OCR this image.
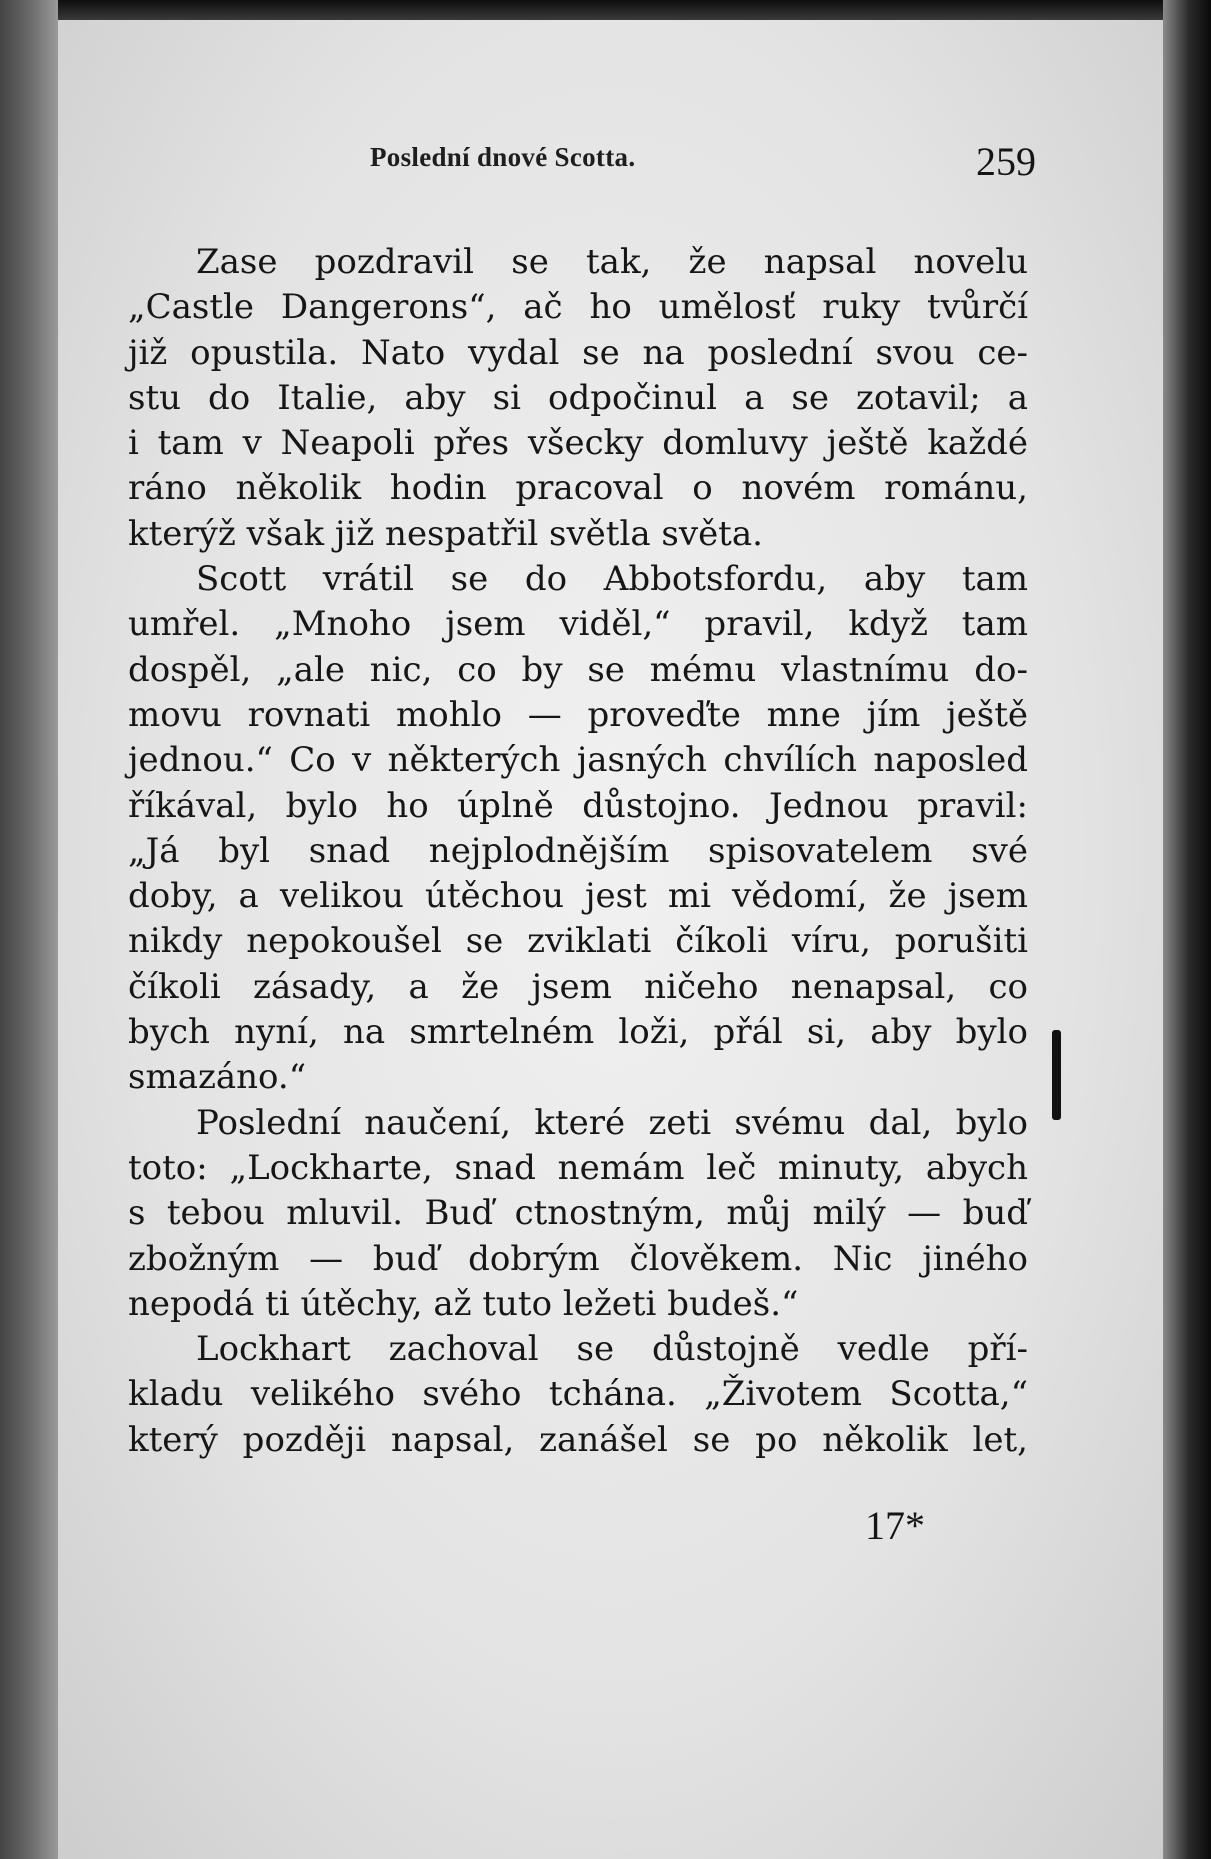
Poslední dnové Scotta.	259
Zase pozdravil se tak, že napsal novelu
„Castle Dangerons“, ač ho umělosť ruky tvůrčí
již opustila. Nato vydal se na poslední svou ce-
stu do Italie, aby si odpočinul a se zotavil; a
i tam v Neapoli přes všecky domluvy ještě každé
ráno několik hodin pracoval o novém románu,
kterýž však již nespatřil světla světa.
Scott vrátil se do Abbotsfordu, aby tam
umřel. „Mnoho jsem viděl,“ pravil, když tam
dospěl, „ale nic, co by se mému vlastnímu do-
movu rovnati mohlo — proveďte mne jím ještě
jednou.“ Co v některých jasných chvílích naposled
říkával, bylo ho úplně důstojno. Jednou pravil:
„Já byl snad nejplodnějším spisovatelem své
doby, a velikou útěchou jest mi vědomí, že jsem
nikdy nepokoušel se zviklati číkoli víru, porušiti
číkoli zásady, a že jsem ničeho nenapsal, co
bych nyní, na smrtelném loži, přál si, aby bylo
smazáno.“
Poslední naučení, které zeti svému dal, bylo
toto: „Lockharte, snad nemám leč minuty, abych
s tebou mluvil. Buď ctnostným, můj milý — buď
zbožným — buď dobrým člověkem. Nic jiného
nepodá ti útěchy, až tuto ležeti budeš.“
Lockhart zachoval se důstojně vedle pří-
kladu velikého svého tchána. „Životem Scotta,“
který později napsal, zanášel se po několik let,
17*
